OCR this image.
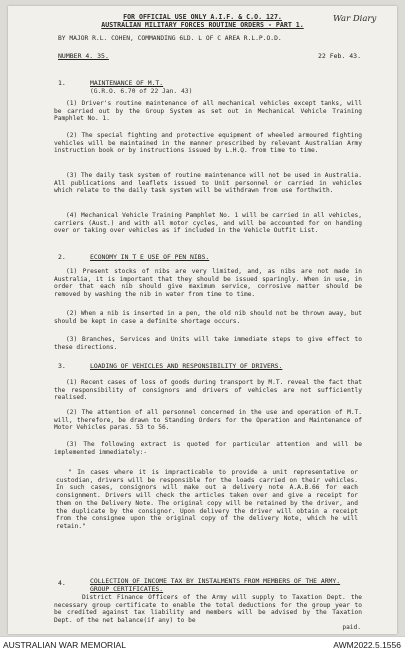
War Diary
FOR OFFICIAL USE ONLY A.I.F. & C.O. 127.
AUSTRALIAN MILITARY FORCES ROUTINE ORDERS - PART 1.
BY MAJOR R.L. COHEN, COMMANDING 6LD. L OF C AREA R.L.P.O.D.
NUMBER 4. 35.	22 Feb. 43.
1.	MAINTENANCE OF M.T.
(G.R.O. 6.70 of 22 Jan. 43)
(1) Driver's routine maintenance of all mechanical vehicles except tanks, will be carried out by the Group System as set out in Mechanical Vehicle Training Pamphlet No. 1.
(2) The special fighting and protective equipment of wheeled armoured fighting vehicles will be maintained in the manner prescribed by relevant Australian Army instruction book or by instructions issued by L.H.Q. from time to time.
(3) The daily task system of routine maintenance will not be used in Australia. All publications and leaflets issued to Unit personnel or carried in vehicles which relate to the daily task system will be withdrawn from use forthwith.
(4) Mechanical Vehicle Training Pamphlet No. 1 will be carried in all vehicles, carriers (Aust.) and with all motor cycles, and will be accounted for on handing over or taking over vehicles as if included in the Vehicle Outfit List.
2.	ECONOMY IN T E USE OF PEN NIBS.
(1) Present stocks of nibs are very limited, and, as nibs are not made in Australia, it is important that they should be issued sparingly. When in use, in order that each nib should give maximum service, corrosive matter should be removed by washing the nib in water from time to time.
(2) When a nib is inserted in a pen, the old nib should not be thrown away, but should be kept in case a definite shortage occurs.
(3) Branches, Services and Units will take immediate steps to give effect to these directions.
3.	LOADING OF VEHICLES AND RESPONSIBILITY OF DRIVERS.
(1) Recent cases of loss of goods during transport by M.T. reveal the fact that the responsibility of consignors and drivers of vehicles are not sufficiently realised.
(2) The attention of all personnel concerned in the use and operation of M.T. will, therefore, be drawn to Standing Orders for the Operation and Maintenance of Motor Vehicles paras. 53 to 56.
(3) The following extract is quoted for particular attention and will be implemented immediately:-
" In cases where it is impracticable to provide a unit representative or custodian, drivers will be responsible for the loads carried on their vehicles. In such cases, consignors will make out a delivery note A.A.B.66 for each consignment. Drivers will check the articles taken over and give a receipt for them on the Delivery Note. The original copy will be retained by the driver, and the duplicate by the consignor. Upon delivery the driver will obtain a receipt from the consignee upon the original copy of the delivery Note, which he will retain."
4.	COLLECTION OF INCOME TAX BY INSTALMENTS FROM MEMBERS OF THE ARMY. GROUP CERTIFICATES.
District Finance Officers of the Army will supply to Taxation Dept. the necessary group certificate to enable the total deductions for the group year to be credited against tax liability and members will be advised by the Taxation Dept. of the net balance(if any) to be
paid.
AUSTRALIAN WAR MEMORIAL	AWM2022.5.1556
